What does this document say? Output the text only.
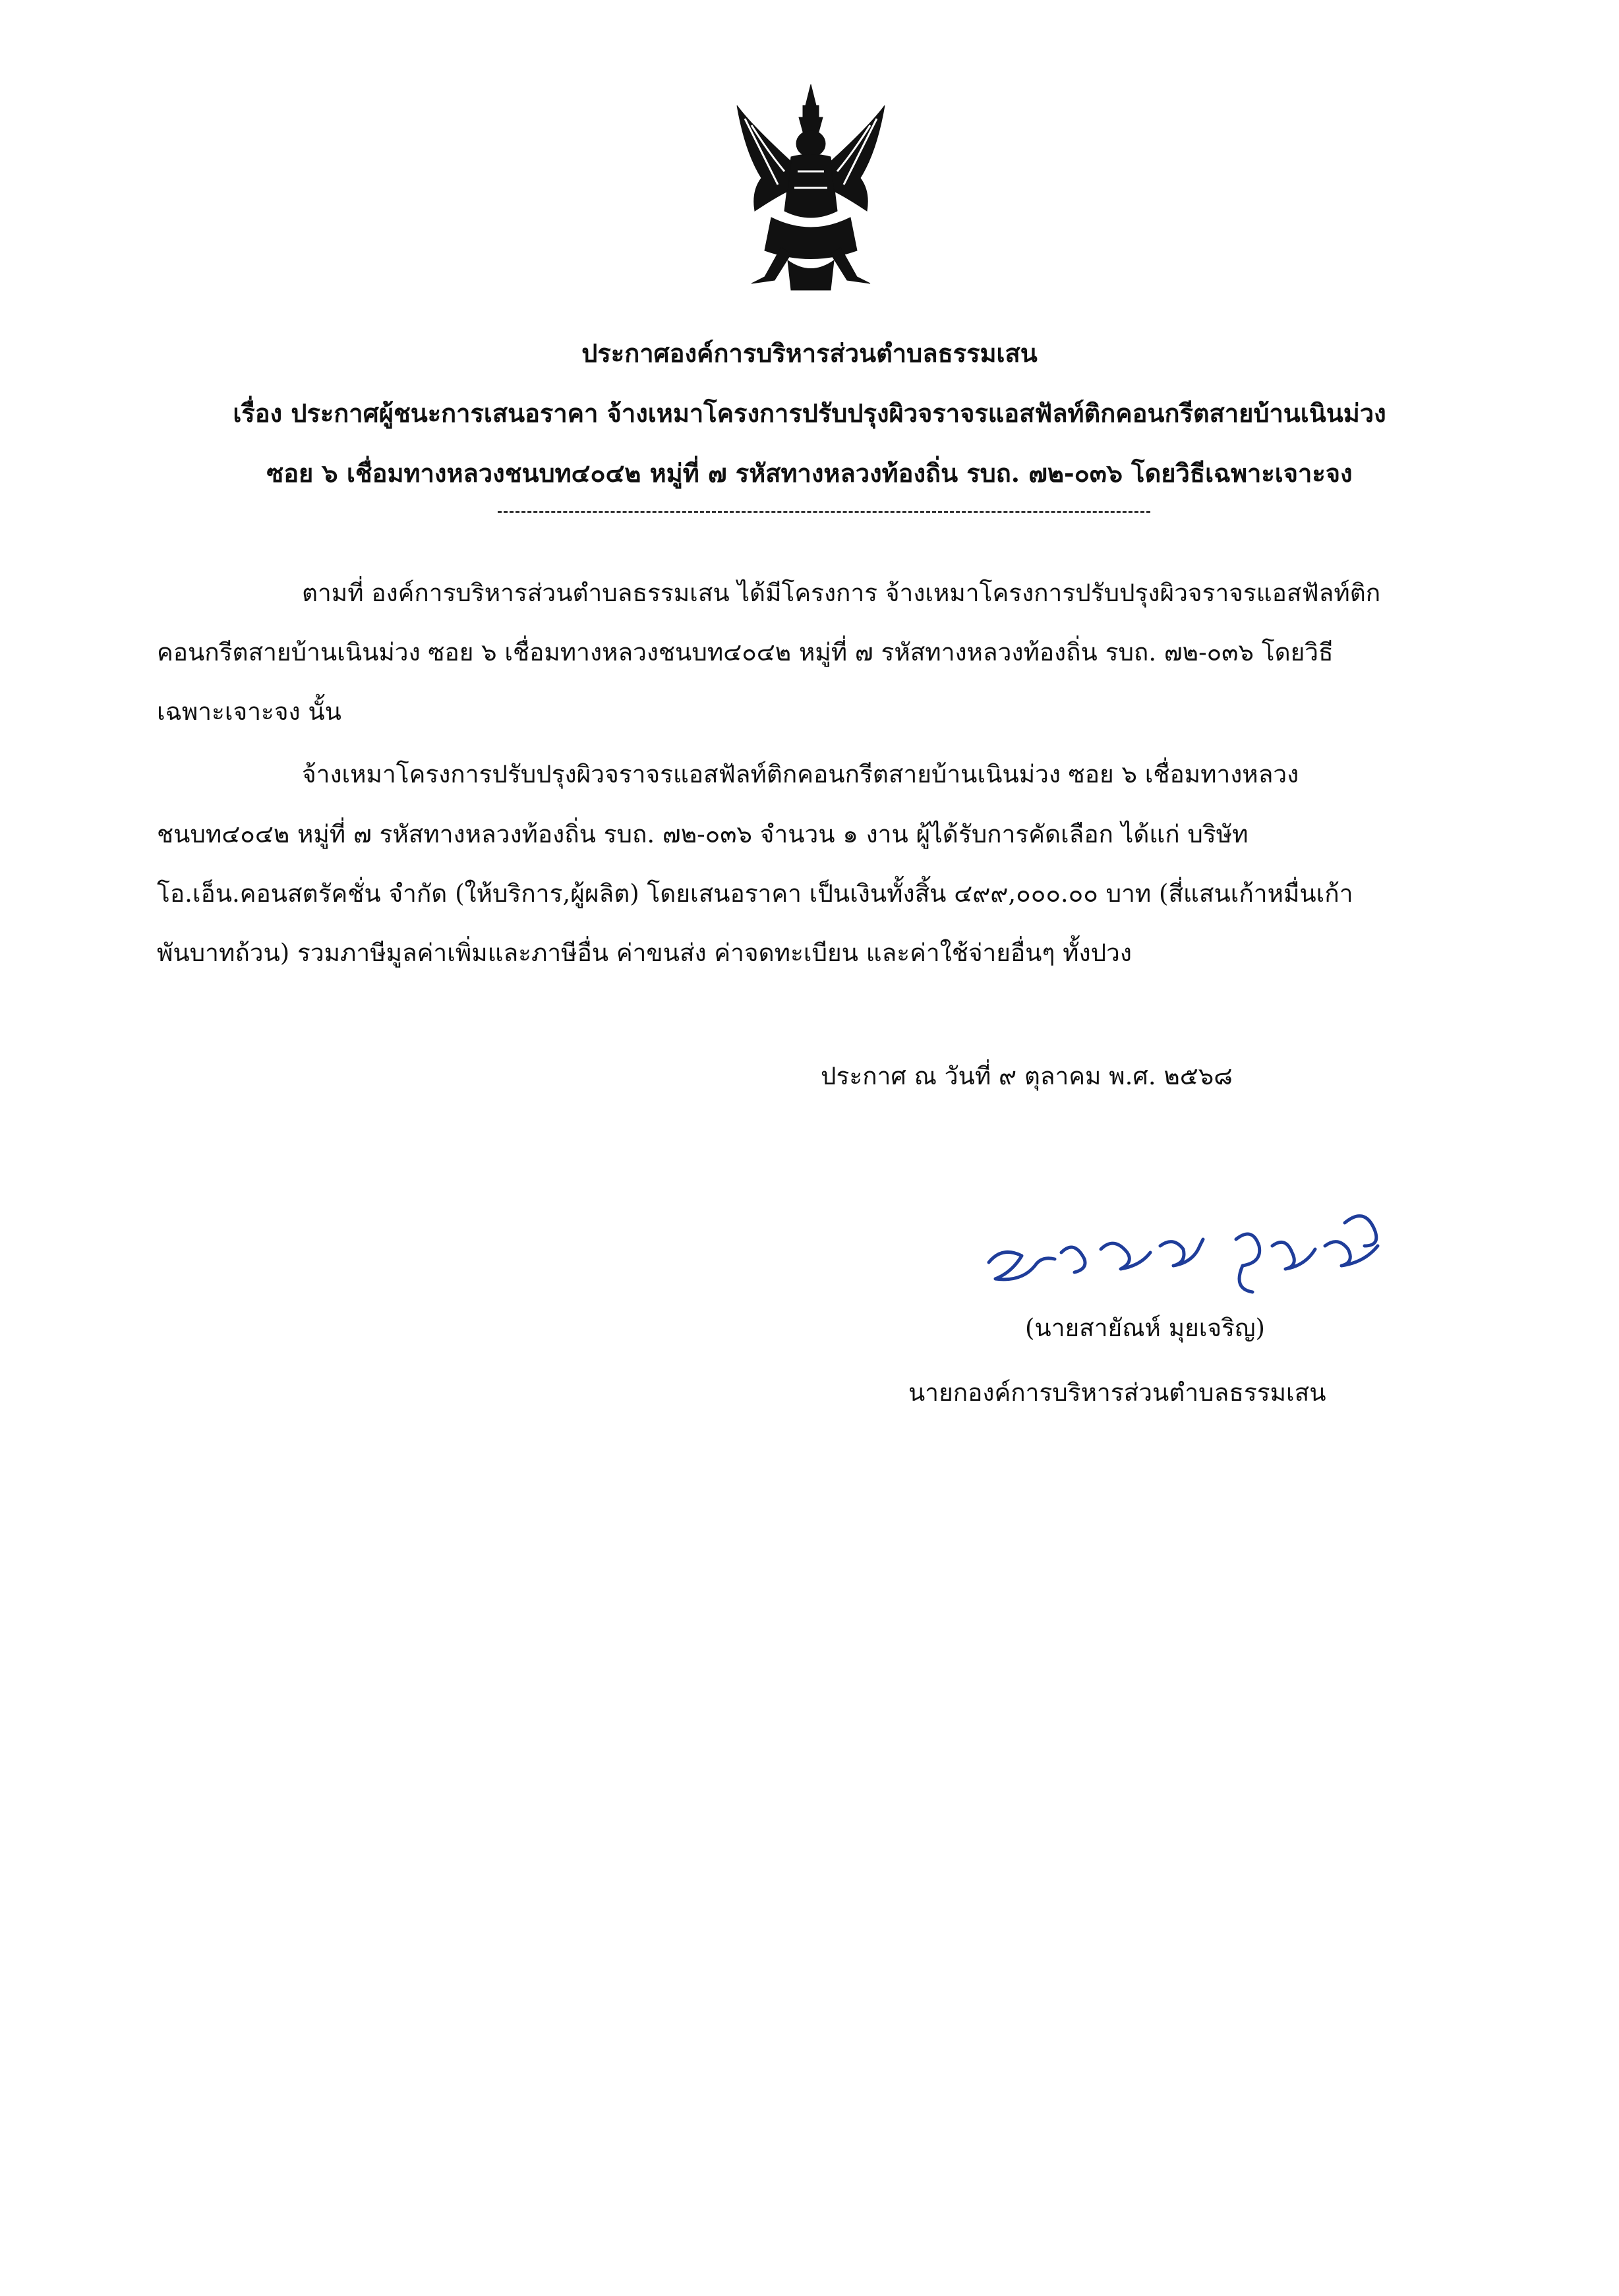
ประกาศองค์การบริหารส่วนตำบลธรรมเสน
เรื่อง ประกาศผู้ชนะการเสนอราคา จ้างเหมาโครงการปรับปรุงผิวจราจรแอสฟัลท์ติกคอนกรีตสายบ้านเนินม่วง
ซอย ๖ เชื่อมทางหลวงชนบท๔๐๔๒ หมู่ที่ ๗ รหัสทางหลวงท้องถิ่น รบถ. ๗๒-๐๓๖ โดยวิธีเฉพาะเจาะจง
ตามที่ องค์การบริหารส่วนตำบลธรรมเสน ได้มีโครงการ จ้างเหมาโครงการปรับปรุงผิวจราจรแอสฟัลท์ติก
คอนกรีตสายบ้านเนินม่วง ซอย ๖ เชื่อมทางหลวงชนบท๔๐๔๒ หมู่ที่ ๗ รหัสทางหลวงท้องถิ่น รบถ. ๗๒-๐๓๖ โดยวิธี
เฉพาะเจาะจง นั้น
จ้างเหมาโครงการปรับปรุงผิวจราจรแอสฟัลท์ติกคอนกรีตสายบ้านเนินม่วง ซอย ๖ เชื่อมทางหลวง
ชนบท๔๐๔๒ หมู่ที่ ๗ รหัสทางหลวงท้องถิ่น รบถ. ๗๒-๐๓๖ จำนวน ๑ งาน ผู้ได้รับการคัดเลือก ได้แก่ บริษัท
โอ.เอ็น.คอนสตรัคชั่น จำกัด (ให้บริการ,ผู้ผลิต) โดยเสนอราคา เป็นเงินทั้งสิ้น ๔๙๙,๐๐๐.๐๐ บาท (สี่แสนเก้าหมื่นเก้า
พันบาทถ้วน) รวมภาษีมูลค่าเพิ่มและภาษีอื่น ค่าขนส่ง ค่าจดทะเบียน และค่าใช้จ่ายอื่นๆ ทั้งปวง
ประกาศ ณ วันที่ ๙ ตุลาคม พ.ศ. ๒๕๖๘
(นายสายัณห์ มุยเจริญ)
นายกองค์การบริหารส่วนตำบลธรรมเสน
